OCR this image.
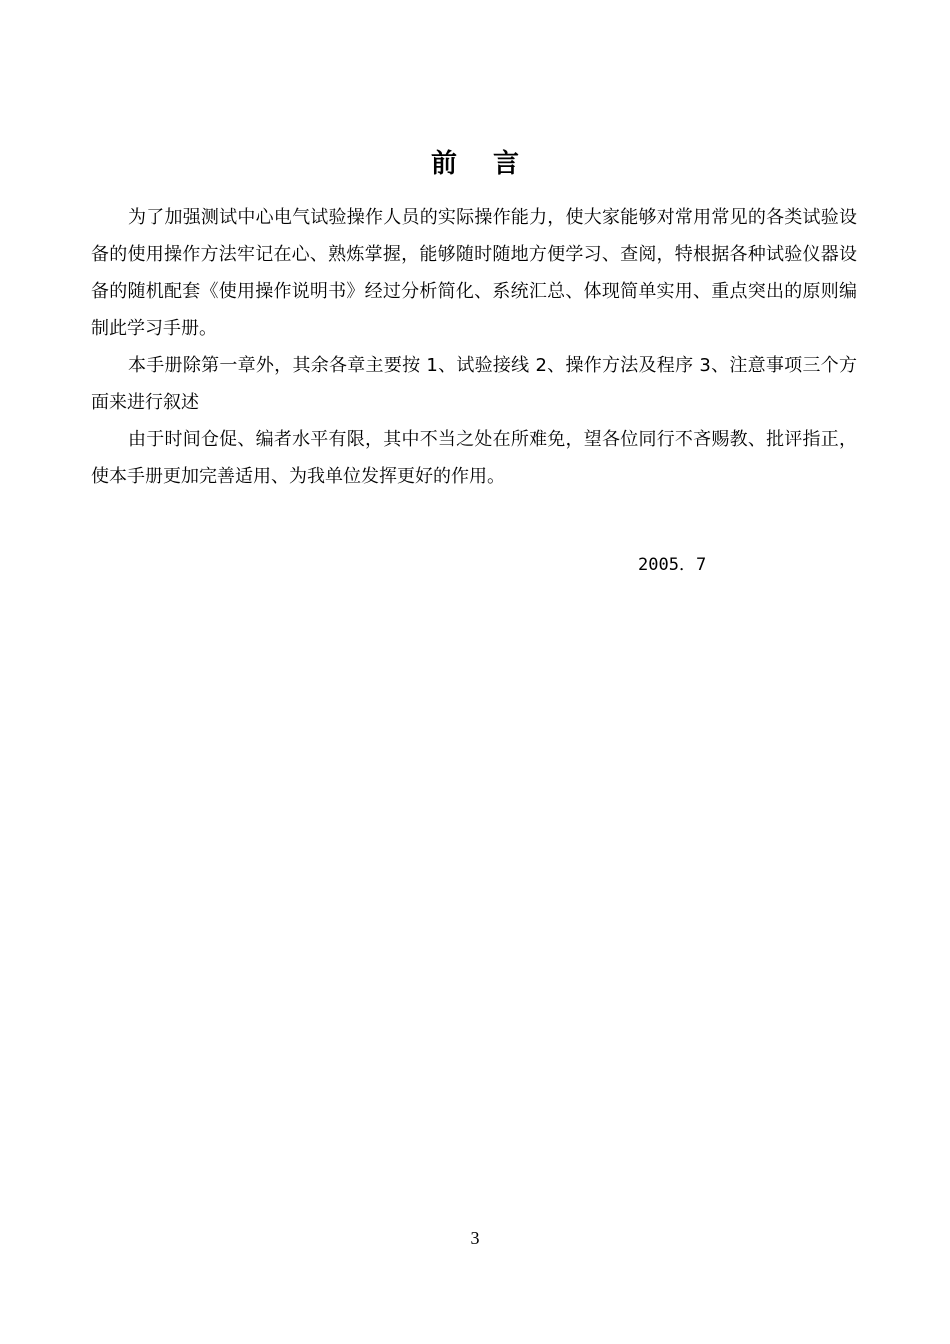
前言

为了加强测试中心电气试验操作人员的实际操作能力，使大家能够对常用常见的各类试验设备的使用操作方法牢记在心、熟炼掌握，能够随时随地方便学习、查阅，特根据各种试验仪器设备的随机配套《使用操作说明书》经过分析简化、系统汇总、体现简单实用、重点突出的原则编制此学习手册。

本手册除第一章外，其余各章主要按 1、试验接线 2、操作方法及程序 3、注意事项三个方面来进行叙述

由于时间仓促、编者水平有限，其中不当之处在所难免，望各位同行不吝赐教、批评指正，使本手册更加完善适用、为我单位发挥更好的作用。

2005．7
3
